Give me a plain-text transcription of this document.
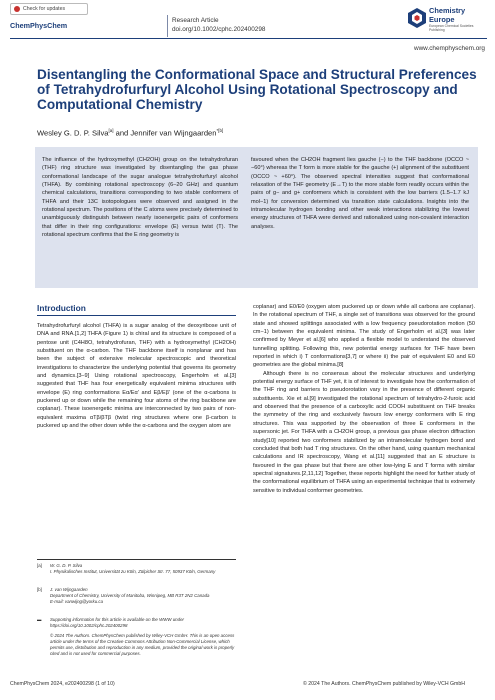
Check for updates
ChemPhysChem
Research Article
doi.org/10.1002/cphc.202400298
Chemistry
Europe
European Chemical Societies Publishing
www.chemphyschem.org
Disentangling the Conformational Space and Structural Preferences of Tetrahydrofurfuryl Alcohol Using Rotational Spectroscopy and Computational Chemistry
Wesley G. D. P. Silva[a] and Jennifer van Wijngaarden$^{*[b]}$
The influence of the hydroxymethyl (CH2OH) group on the tetrahydrofuran (THF) ring structure was investigated by disentangling the gas phase conformational landscape of the sugar analogue tetrahydrofurfuryl alcohol (THFA). By combining rotational spectroscopy (6–20 GHz) and quantum chemical calculations, transitions corresponding to two stable conformers of THFA and their 13C isotopologues were observed and assigned in the rotational spectrum. The positions of the C atoms were precisely determined to unambiguously distinguish between nearly isoenergetic pairs of conformers that differ in their ring configurations: envelope (E) versus twist (T). The rotational spectrum confirms that the E ring geometry is
favoured when the CH2OH fragment lies gauche (−) to the THF backbone (OCCO ~ −60°) whereas the T form is more stable for the gauche (+) alignment of the substituent (OCCO ~ +60°). The observed spectral intensities suggest that conformational relaxation of the THF geometry (E→T) to the more stable form readily occurs within the pairs of g− and g+ conformers which is consistent with the low barriers (1.5–1.7 kJ mol−1) for conversion determined via transition state calculations. Insights into the intramolecular hydrogen bonding and other weak interactions stabilizing the lowest energy structures of THFA were derived and rationalized using non-covalent interaction analyses.
Introduction

Tetrahydrofurfuryl alcohol (THFA) is a sugar analog of the deoxyribose unit of DNA and RNA.[1,2] THFA (Figure 1) is chiral and its structure is composed of a pentose unit (C4H8O, tetrahydrofuran, THF) with a hydroxymethyl (CH2OH) substituent on the α-carbon. The THF backbone itself is nonplanar and has been the subject of extensive molecular spectroscopic and theoretical investigations to characterize the underlying potential that governs its geometry and dynamics.[3–9] Using rotational spectroscopy, Engerholm et al.[3] suggested that THF has four energetically equivalent minima structures with envelope (E) ring conformations Eα/Eα' and Eβ/Eβ' (one of the α-carbons is puckered up or down while the remaining four atoms of the ring backbone are coplanar). These isoenergetic minima are interconnected by two pairs of non-equivalent maxima αTβ/βTβ (twist ring structures where one β-carbon is puckered up and the other down while the α-carbons and the oxygen atom are

coplanar) and E0/E0 (oxygen atom puckered up or down while all carbons are coplanar). In the rotational spectrum of THF, a single set of transitions was observed for the ground state and showed splittings associated with a low frequency pseudorotation motion (50 cm−1) between the equivalent minima. The study of Engerholm et al.[3] was later confirmed by Meyer et al.[6] who applied a flexible model to understand the observed tunnelling splitting. Following this, new potential energy surfaces for THF have been reported in which i) T conformations[3,7] or where ii) the pair of equivalent E0 and E0 geometries are the global minima.[8]

Although there is no consensus about the molecular structures and underlying potential energy surface of THF yet, it is of interest to investigate how the conformation of the THF ring and barriers to pseudorotation vary in the presence of different organic substituents. Xie et al.[9] investigated the rotational spectrum of tetrahydro-2-furoic acid and observed that the presence of a carboxylic acid COOH substituent on THF breaks the symmetry of the ring and exclusively favours low energy conformers with E ring structures. This was supported by the observation of three E conformers in the supersonic jet. For THFA with a CH2OH group, a previous gas phase electron diffraction study[10] reported two conformers stabilized by an intramolecular hydrogen bond and concluded that both had T ring structures. On the other hand, using quantum mechanical calculations and IR spectroscopy, Wang et al.[11] suggested that an E structure is favoured in the gas phase but that there are other low-lying E and T forms with similar spectral signatures.[2,11,12] Together, these reports highlight the need for further study of the conformational equilibrium of THFA using an experimental technique that is extremely sensitive to individual conformer geometries.

[a] W. G. D. P. Silva
I. Physikalisches Institut, Universität zu Köln, Zülpicher Str. 77, 50937 Köln, Germany
[b] J. van Wijngaarden
Department of Chemistry, University of Manitoba, Winnipeg, MB R3T 2N2 Canada
E-mail: vanwijng@yorku.ca
▬ Supporting information for this article is available on the WWW under https://doi.org/10.1002/cphc.202400298
© 2024 The Authors. ChemPhysChem published by Wiley-VCH GmbH. This is an open access article under the terms of the Creative Commons Attribution Non-Commercial License, which permits use, distribution and reproduction in any medium, provided the original work is properly cited and is not used for commercial purposes.
ChemPhysChem 2024, e202400298 (1 of 10)	© 2024 The Authors. ChemPhysChem published by Wiley-VCH GmbH
